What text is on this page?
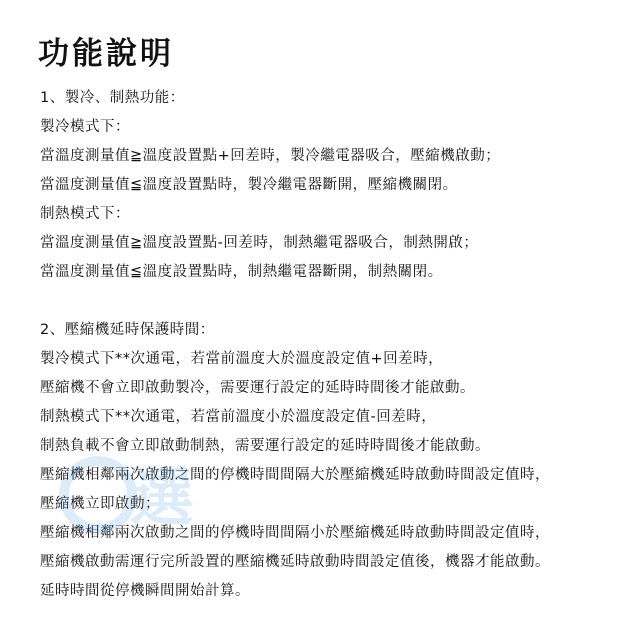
功能說明
1、製冷、制熱功能：
製冷模式下：
當溫度測量值≧溫度設置點+回差時，製冷繼電器吸合，壓縮機啟動；
當溫度測量值≦溫度設置點時，製冷繼電器斷開，壓縮機關閉。
制熱模式下：
當溫度測量值≧溫度設置點-回差時，制熱繼電器吸合，制熱開啟；
當溫度測量值≦溫度設置點時，制熱繼電器斷開，制熱關閉。
2、壓縮機延時保護時間：
製冷模式下**次通電，若當前溫度大於溫度設定值+回差時，
壓縮機不會立即啟動製冷，需要運行設定的延時時間後才能啟動。
制熱模式下**次通電，若當前溫度小於溫度設定值-回差時，
制熱負載不會立即啟動制熱，需要運行設定的延時時間後才能啟動。
壓縮機相鄰兩次啟動之間的停機時間間隔大於壓縮機延時啟動時間設定值時，
壓縮機立即啟動；
壓縮機相鄰兩次啟動之間的停機時間間隔小於壓縮機延時啟動時間設定值時，
壓縮機啟動需運行完所設置的壓縮機延時啟動時間設定值後，機器才能啟動。
延時時間從停機瞬間開始計算。
選
